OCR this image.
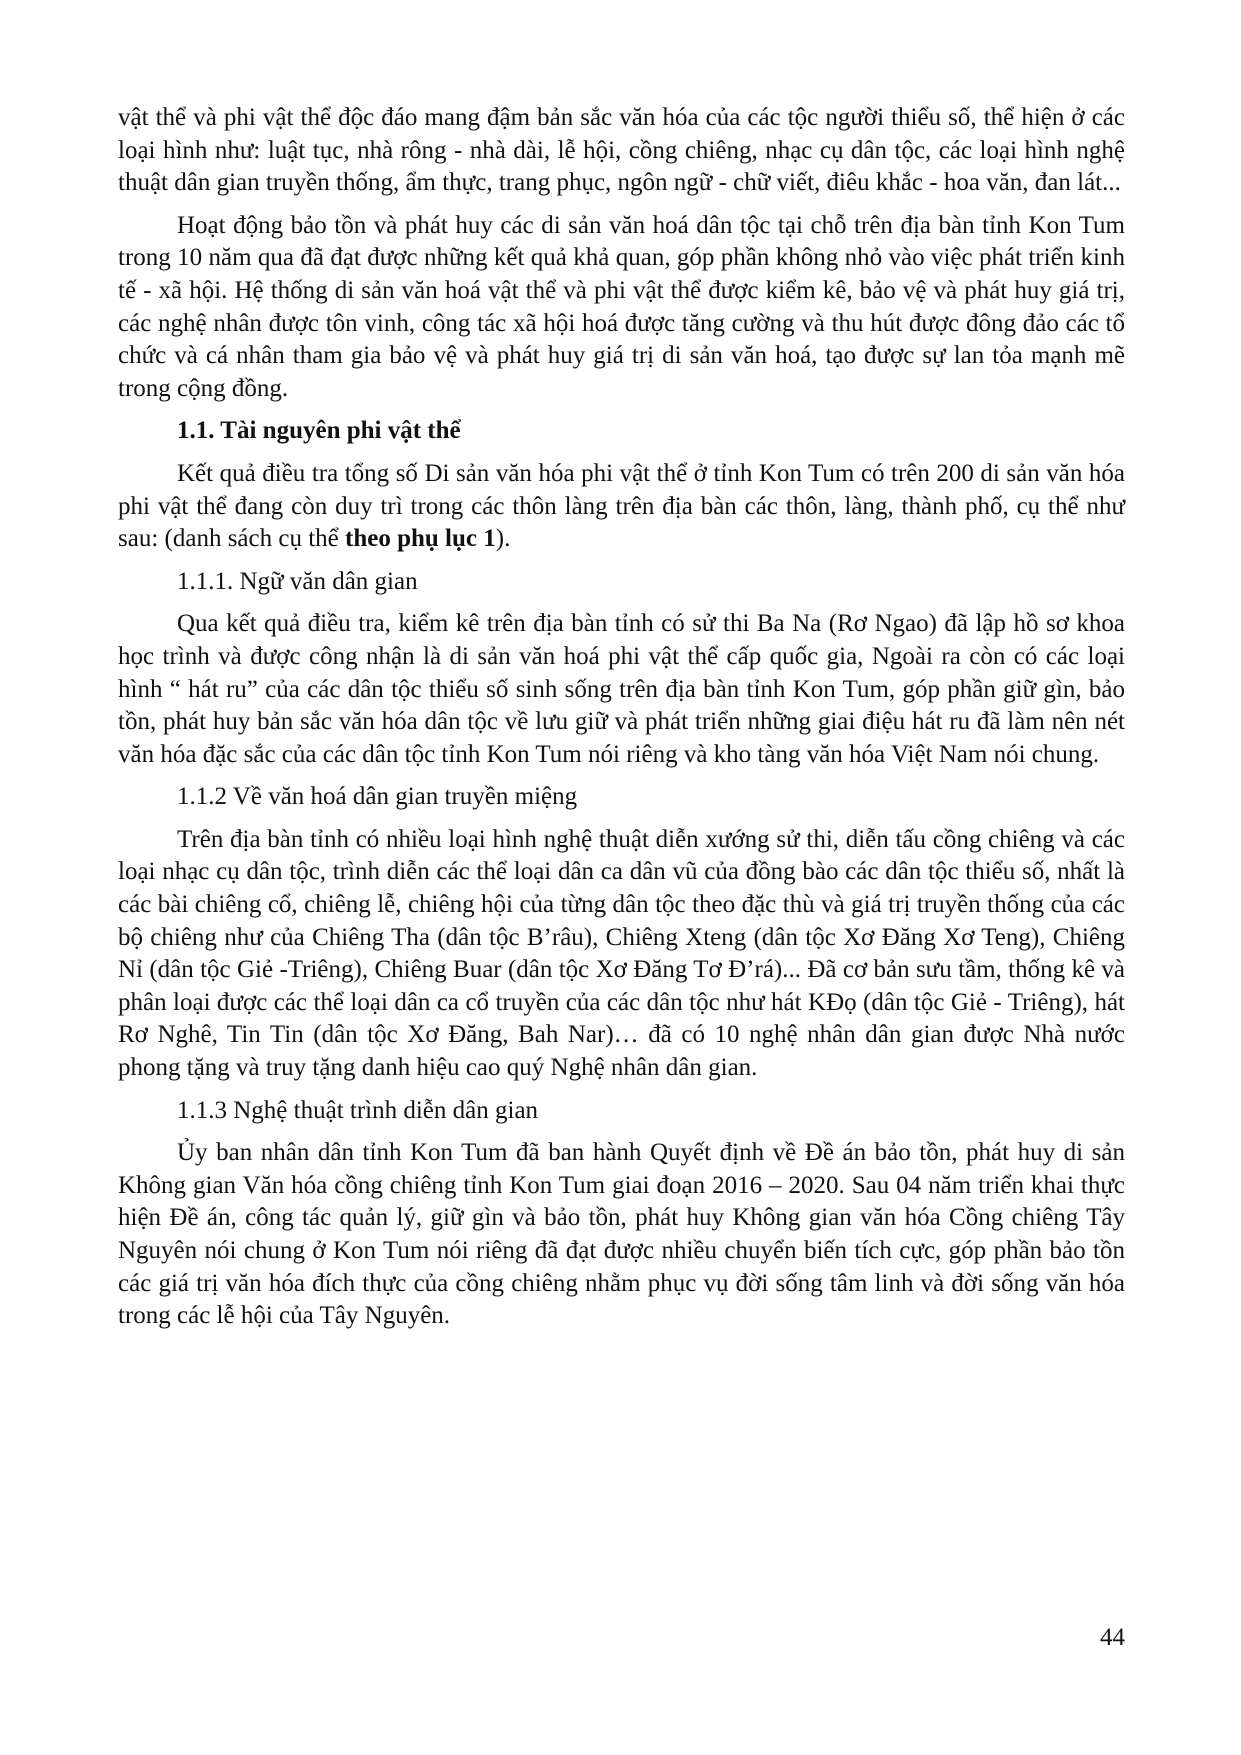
vật thể và phi vật thể độc đáo mang đậm bản sắc văn hóa của các tộc người thiểu số, thể hiện ở các loại hình như: luật tục, nhà rông - nhà dài, lễ hội, cồng chiêng, nhạc cụ dân tộc, các loại hình nghệ thuật dân gian truyền thống, ẩm thực, trang phục, ngôn ngữ - chữ viết, điêu khắc - hoa văn, đan lát...

Hoạt động bảo tồn và phát huy các di sản văn hoá dân tộc tại chỗ trên địa bàn tỉnh Kon Tum trong 10 năm qua đã đạt được những kết quả khả quan, góp phần không nhỏ vào việc phát triển kinh tế - xã hội. Hệ thống di sản văn hoá vật thể và phi vật thể được kiểm kê, bảo vệ và phát huy giá trị, các nghệ nhân được tôn vinh, công tác xã hội hoá được tăng cường và thu hút được đông đảo các tổ chức và cá nhân tham gia bảo vệ và phát huy giá trị di sản văn hoá, tạo được sự lan tỏa mạnh mẽ trong cộng đồng.

1.1. Tài nguyên phi vật thể

Kết quả điều tra tổng số Di sản văn hóa phi vật thể ở tỉnh Kon Tum có trên 200 di sản văn hóa phi vật thể đang còn duy trì trong các thôn làng trên địa bàn các thôn, làng, thành phố, cụ thể như sau: (danh sách cụ thể theo phụ lục 1).

1.1.1. Ngữ văn dân gian

Qua kết quả điều tra, kiểm kê trên địa bàn tỉnh có sử thi Ba Na (Rơ Ngao) đã lập hồ sơ khoa học trình và được công nhận là di sản văn hoá phi vật thể cấp quốc gia, Ngoài ra còn có các loại hình “ hát ru” của các dân tộc thiểu số sinh sống trên địa bàn tỉnh Kon Tum, góp phần giữ gìn, bảo tồn, phát huy bản sắc văn hóa dân tộc về lưu giữ và phát triển những giai điệu hát ru đã làm nên nét văn hóa đặc sắc của các dân tộc tỉnh Kon Tum nói riêng và kho tàng văn hóa Việt Nam nói chung.

1.1.2 Về văn hoá dân gian truyền miệng

Trên địa bàn tỉnh có nhiều loại hình nghệ thuật diễn xướng sử thi, diễn tấu cồng chiêng và các loại nhạc cụ dân tộc, trình diễn các thể loại dân ca dân vũ của đồng bào các dân tộc thiểu số, nhất là các bài chiêng cổ, chiêng lễ, chiêng hội của từng dân tộc theo đặc thù và giá trị truyền thống của các bộ chiêng như của Chiêng Tha (dân tộc B’râu), Chiêng Xteng (dân tộc Xơ Đăng Xơ Teng), Chiêng Nỉ (dân tộc Giẻ -Triêng), Chiêng Buar (dân tộc Xơ Đăng Tơ Đ’rá)... Đã cơ bản sưu tầm, thống kê và phân loại được các thể loại dân ca cổ truyền của các dân tộc như hát KĐọ (dân tộc Giẻ - Triêng), hát Rơ Nghê, Tin Tin (dân tộc Xơ Đăng, Bah Nar)… đã có 10 nghệ nhân dân gian được Nhà nước phong tặng và truy tặng danh hiệu cao quý Nghệ nhân dân gian.

1.1.3 Nghệ thuật trình diễn dân gian

Ủy ban nhân dân tỉnh Kon Tum đã ban hành Quyết định về Đề án bảo tồn, phát huy di sản Không gian Văn hóa cồng chiêng tỉnh Kon Tum giai đoạn 2016 – 2020. Sau 04 năm triển khai thực hiện Đề án, công tác quản lý, giữ gìn và bảo tồn, phát huy Không gian văn hóa Cồng chiêng Tây Nguyên nói chung ở Kon Tum nói riêng đã đạt được nhiều chuyển biến tích cực, góp phần bảo tồn các giá trị văn hóa đích thực của cồng chiêng nhằm phục vụ đời sống tâm linh và đời sống văn hóa trong các lễ hội của Tây Nguyên.

44
